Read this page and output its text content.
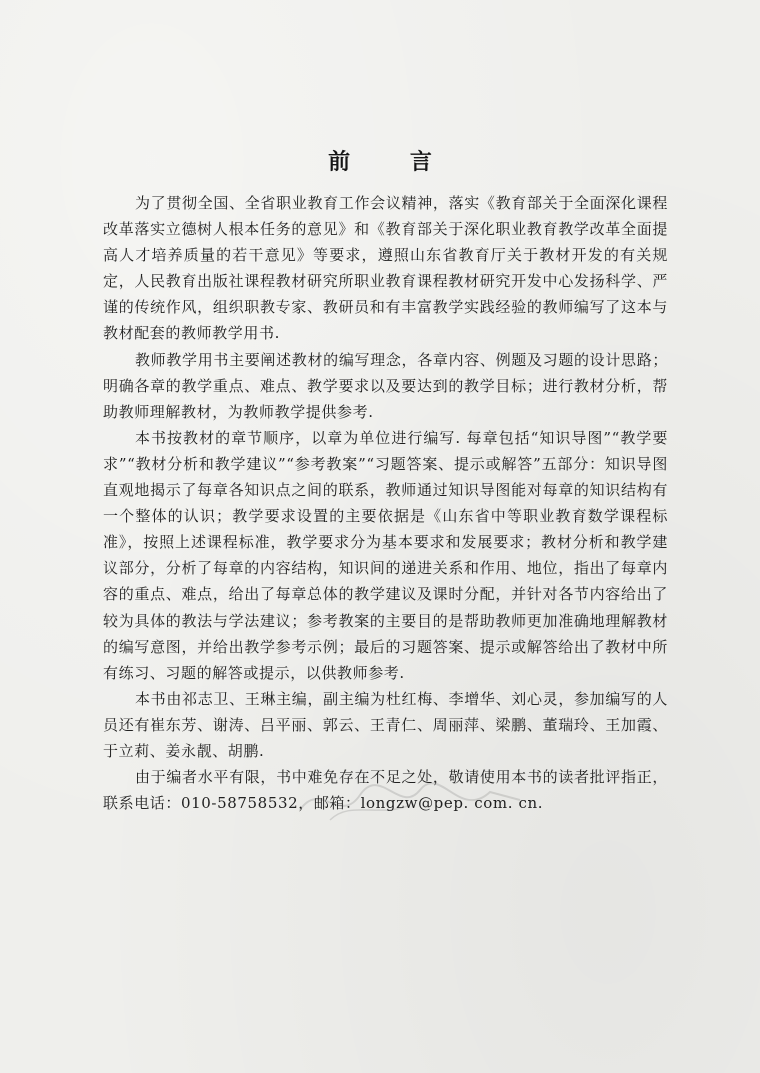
前 言

为了贯彻全国、全省职业教育工作会议精神，落实《教育部关于全面深化课程改革落实立德树人根本任务的意见》和《教育部关于深化职业教育教学改革全面提高人才培养质量的若干意见》等要求，遵照山东省教育厅关于教材开发的有关规定，人民教育出版社课程教材研究所职业教育课程教材研究开发中心发扬科学、严谨的传统作风，组织职教专家、教研员和有丰富教学实践经验的教师编写了这本与教材配套的教师教学用书.

教师教学用书主要阐述教材的编写理念，各章内容、例题及习题的设计思路；明确各章的教学重点、难点、教学要求以及要达到的教学目标；进行教材分析，帮助教师理解教材，为教师教学提供参考.

本书按教材的章节顺序，以章为单位进行编写. 每章包括“知识导图”“教学要求”“教材分析和教学建议”“参考教案”“习题答案、提示或解答”五部分：知识导图直观地揭示了每章各知识点之间的联系，教师通过知识导图能对每章的知识结构有一个整体的认识；教学要求设置的主要依据是《山东省中等职业教育数学课程标准》，按照上述课程标准，教学要求分为基本要求和发展要求；教材分析和教学建议部分，分析了每章的内容结构，知识间的递进关系和作用、地位，指出了每章内容的重点、难点，给出了每章总体的教学建议及课时分配，并针对各节内容给出了较为具体的教法与学法建议；参考教案的主要目的是帮助教师更加准确地理解教材的编写意图，并给出教学参考示例；最后的习题答案、提示或解答给出了教材中所有练习、习题的解答或提示，以供教师参考.

本书由祁志卫、王琳主编，副主编为杜红梅、李增华、刘心灵，参加编写的人员还有崔东芳、谢涛、吕平丽、郭云、王青仁、周丽萍、梁鹏、董瑞玲、王加霞、于立莉、姜永靓、胡鹏.

由于编者水平有限，书中难免存在不足之处，敬请使用本书的读者批评指正，联系电话：010-58758532，邮箱：longzw@pep. com. cn.
